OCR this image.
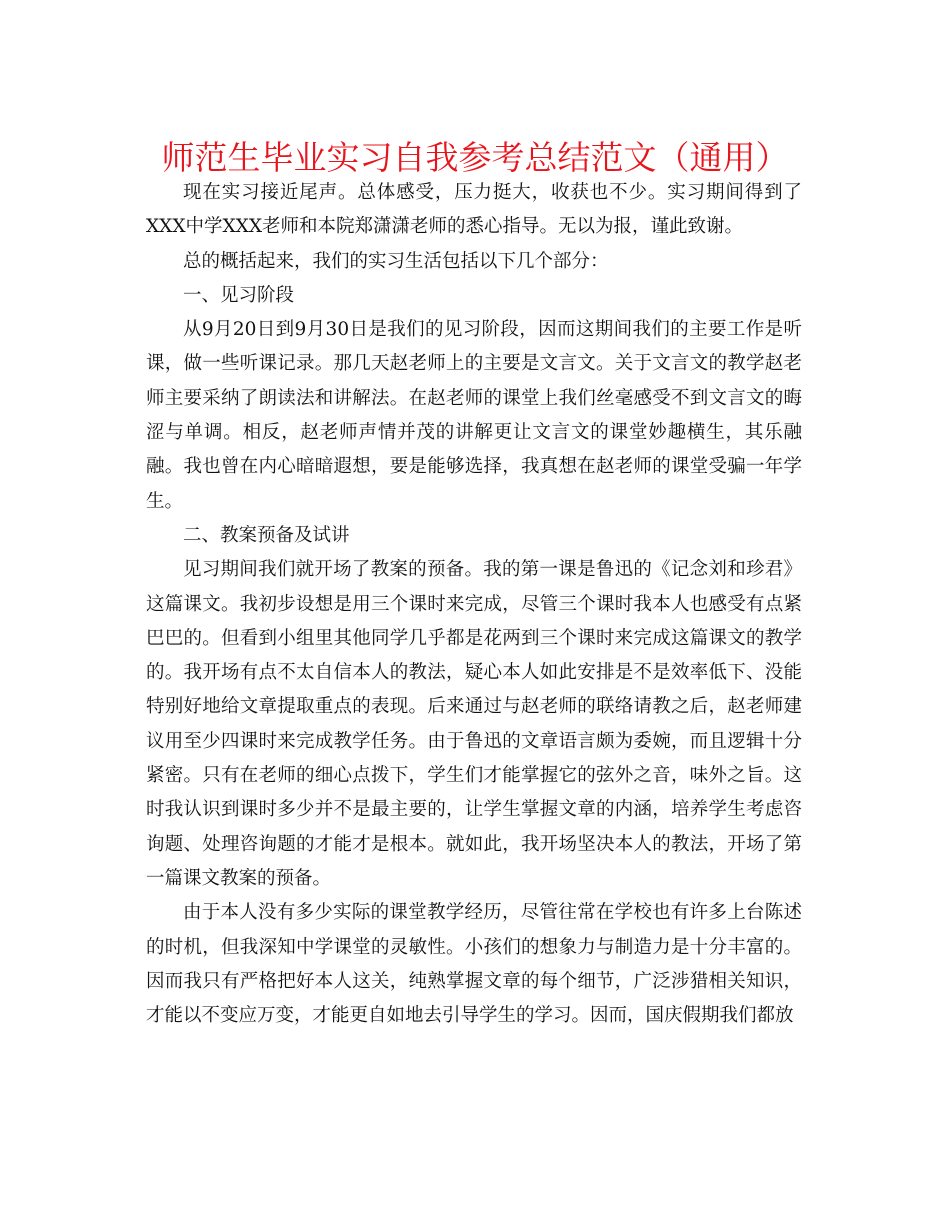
师范生毕业实习自我参考总结范文（通用）

现在实习接近尾声。总体感受，压力挺大，收获也不少。实习期间得到了XXX中学XXX老师和本院郑潇潇老师的悉心指导。无以为报，谨此致谢。

总的概括起来，我们的实习生活包括以下几个部分：

一、见习阶段

从9月20日到9月30日是我们的见习阶段，因而这期间我们的主要工作是听课，做一些听课记录。那几天赵老师上的主要是文言文。关于文言文的教学赵老师主要采纳了朗读法和讲解法。在赵老师的课堂上我们丝毫感受不到文言文的晦涩与单调。相反，赵老师声情并茂的讲解更让文言文的课堂妙趣横生，其乐融融。我也曾在内心暗暗遐想，要是能够选择，我真想在赵老师的课堂受骗一年学生。

二、教案预备及试讲

见习期间我们就开场了教案的预备。我的第一课是鲁迅的《记念刘和珍君》这篇课文。我初步设想是用三个课时来完成，尽管三个课时我本人也感受有点紧巴巴的。但看到小组里其他同学几乎都是花两到三个课时来完成这篇课文的教学的。我开场有点不太自信本人的教法，疑心本人如此安排是不是效率低下、没能特别好地给文章提取重点的表现。后来通过与赵老师的联络请教之后，赵老师建议用至少四课时来完成教学任务。由于鲁迅的文章语言颇为委婉，而且逻辑十分紧密。只有在老师的细心点拨下，学生们才能掌握它的弦外之音，味外之旨。这时我认识到课时多少并不是最主要的，让学生掌握文章的内涵，培养学生考虑咨询题、处理咨询题的才能才是根本。就如此，我开场坚决本人的教法，开场了第一篇课文教案的预备。

由于本人没有多少实际的课堂教学经历，尽管往常在学校也有许多上台陈述的时机，但我深知中学课堂的灵敏性。小孩们的想象力与制造力是十分丰富的。因而我只有严格把好本人这关，纯熟掌握文章的每个细节，广泛涉猎相关知识，才能以不变应万变，才能更自如地去引导学生的学习。因而，国庆假期我们都放
